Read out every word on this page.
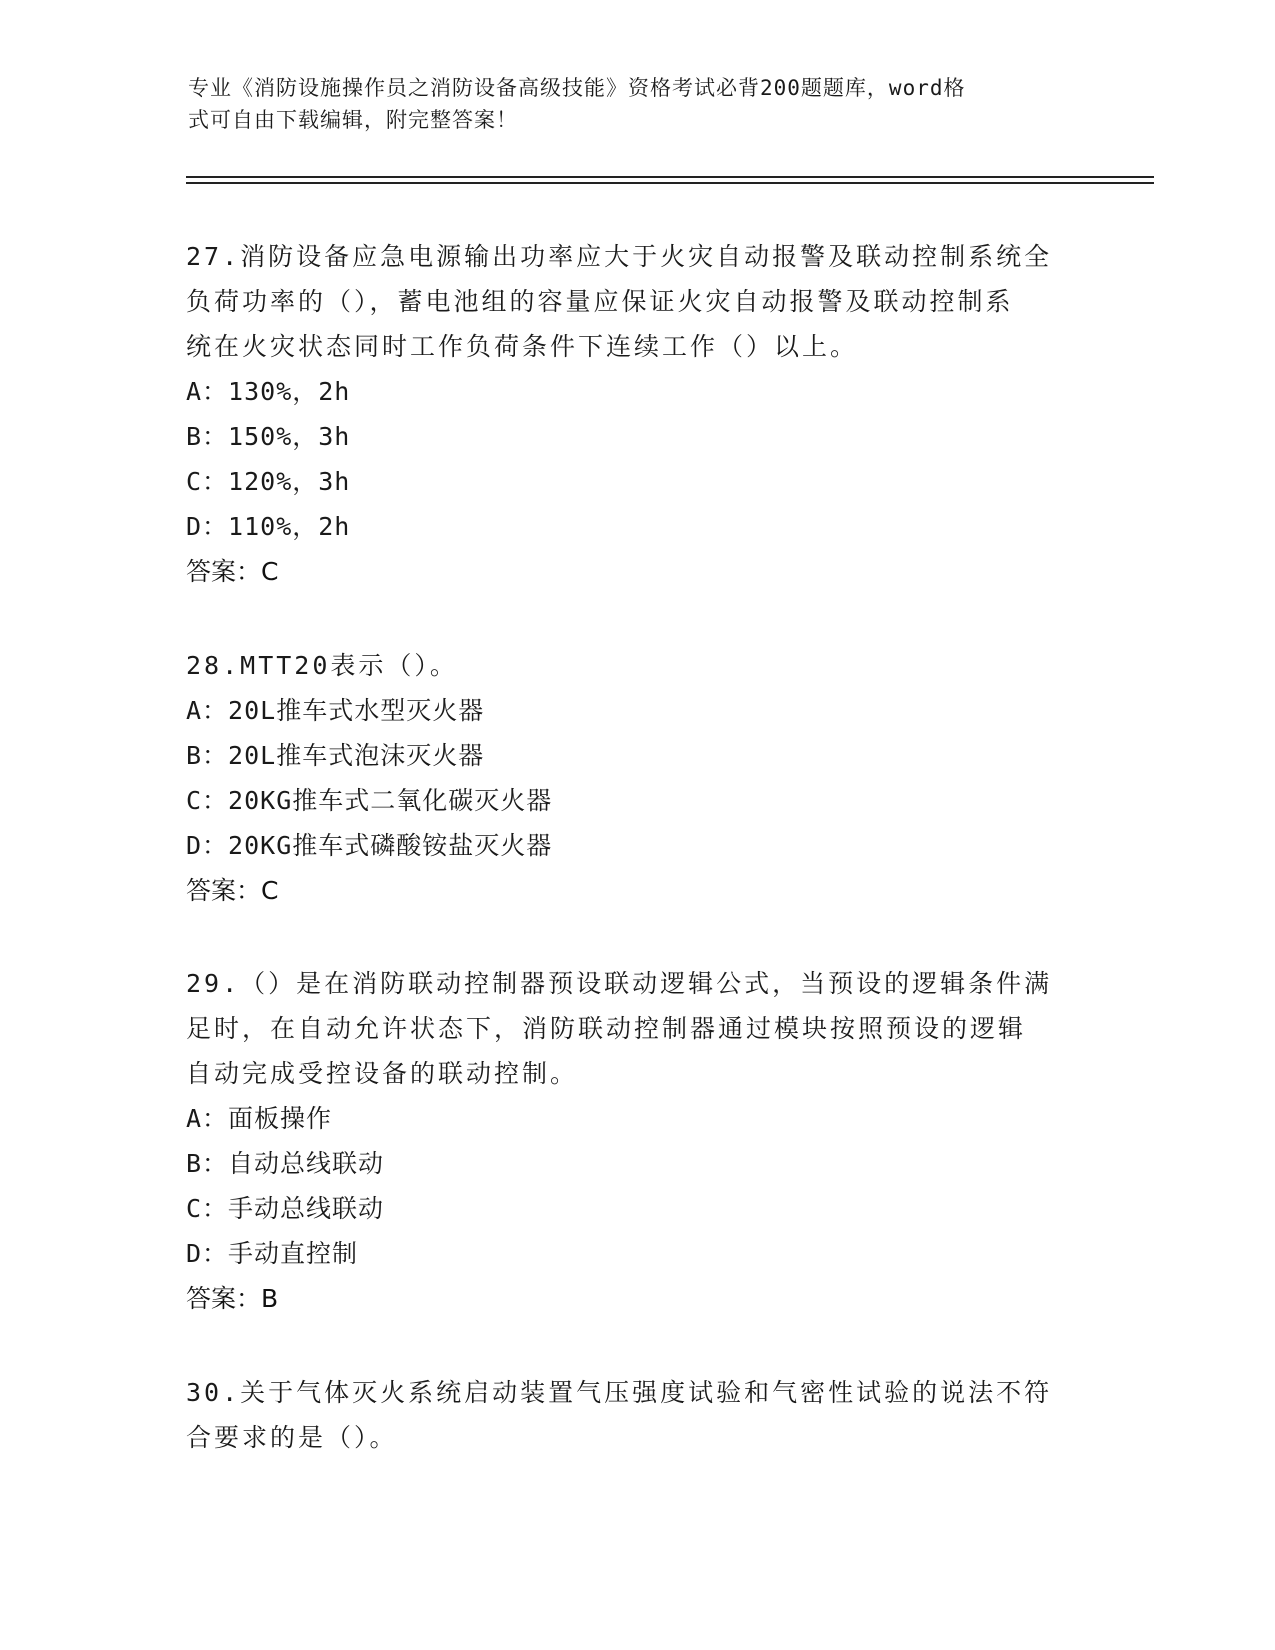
专业《消防设施操作员之消防设备高级技能》资格考试必背200题题库，word格
式可自由下载编辑，附完整答案！

27.消防设备应急电源输出功率应大于火灾自动报警及联动控制系统全

负荷功率的（），蓄电池组的容量应保证火灾自动报警及联动控制系

统在火灾状态同时工作负荷条件下连续工作（）以上。

A：130%，2h

B：150%，3h

C：120%，3h

D：110%，2h

答案：C

28.MTT20表示（）。

A：20L推车式水型灭火器

B：20L推车式泡沫灭火器

C：20KG推车式二氧化碳灭火器

D：20KG推车式磷酸铵盐灭火器

答案：C

29.（）是在消防联动控制器预设联动逻辑公式，当预设的逻辑条件满

足时，在自动允许状态下，消防联动控制器通过模块按照预设的逻辑

自动完成受控设备的联动控制。

A：面板操作

B：自动总线联动

C：手动总线联动

D：手动直控制

答案：B

30.关于气体灭火系统启动装置气压强度试验和气密性试验的说法不符

合要求的是（）。
